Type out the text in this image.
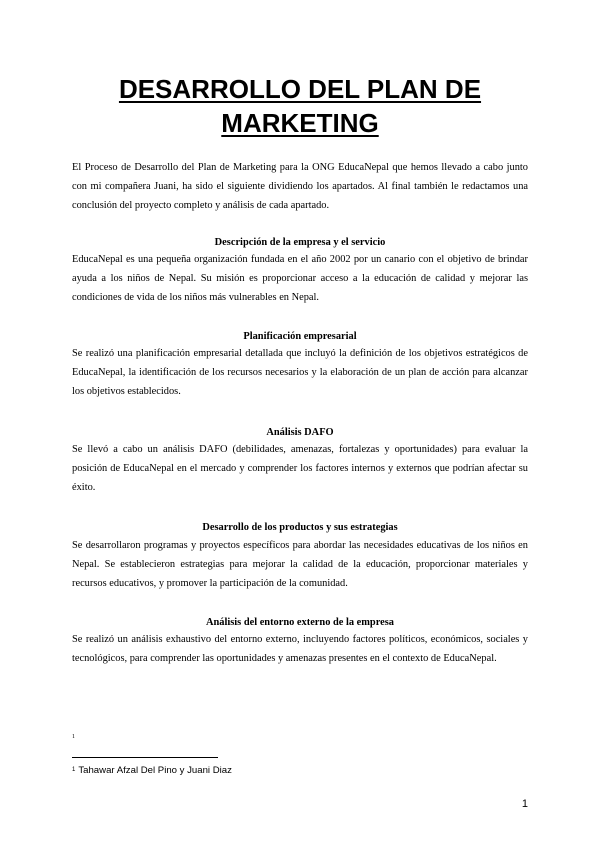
DESARROLLO DEL PLAN DE
MARKETING

El Proceso de Desarrollo del Plan de Marketing para la ONG EducaNepal que hemos llevado a cabo junto con mi compañera Juani, ha sido el siguiente dividiendo los apartados. Al final también le redactamos una conclusión del proyecto completo y análisis de cada apartado.

Descripción de la empresa y el servicio

EducaNepal es una pequeña organización fundada en el año 2002 por un canario con el objetivo de brindar ayuda a los niños de Nepal. Su misión es proporcionar acceso a la educación de calidad y mejorar las condiciones de vida de los niños más vulnerables en Nepal.

Planificación empresarial

Se realizó una planificación empresarial detallada que incluyó la definición de los objetivos estratégicos de EducaNepal, la identificación de los recursos necesarios y la elaboración de un plan de acción para alcanzar los objetivos establecidos.

Análisis DAFO

Se llevó a cabo un análisis DAFO (debilidades, amenazas, fortalezas y oportunidades) para evaluar la posición de EducaNepal en el mercado y comprender los factores internos y externos que podrían afectar su éxito.

Desarrollo de los productos y sus estrategias

Se desarrollaron programas y proyectos específicos para abordar las necesidades educativas de los niños en Nepal. Se establecieron estrategias para mejorar la calidad de la educación, proporcionar materiales y recursos educativos, y promover la participación de la comunidad.

Análisis del entorno externo de la empresa

Se realizó un análisis exhaustivo del entorno externo, incluyendo factores políticos, económicos, sociales y tecnológicos, para comprender las oportunidades y amenazas presentes en el contexto de EducaNepal.

1

$^1$ Tahawar Afzal Del Pino y Juani Diaz

1
